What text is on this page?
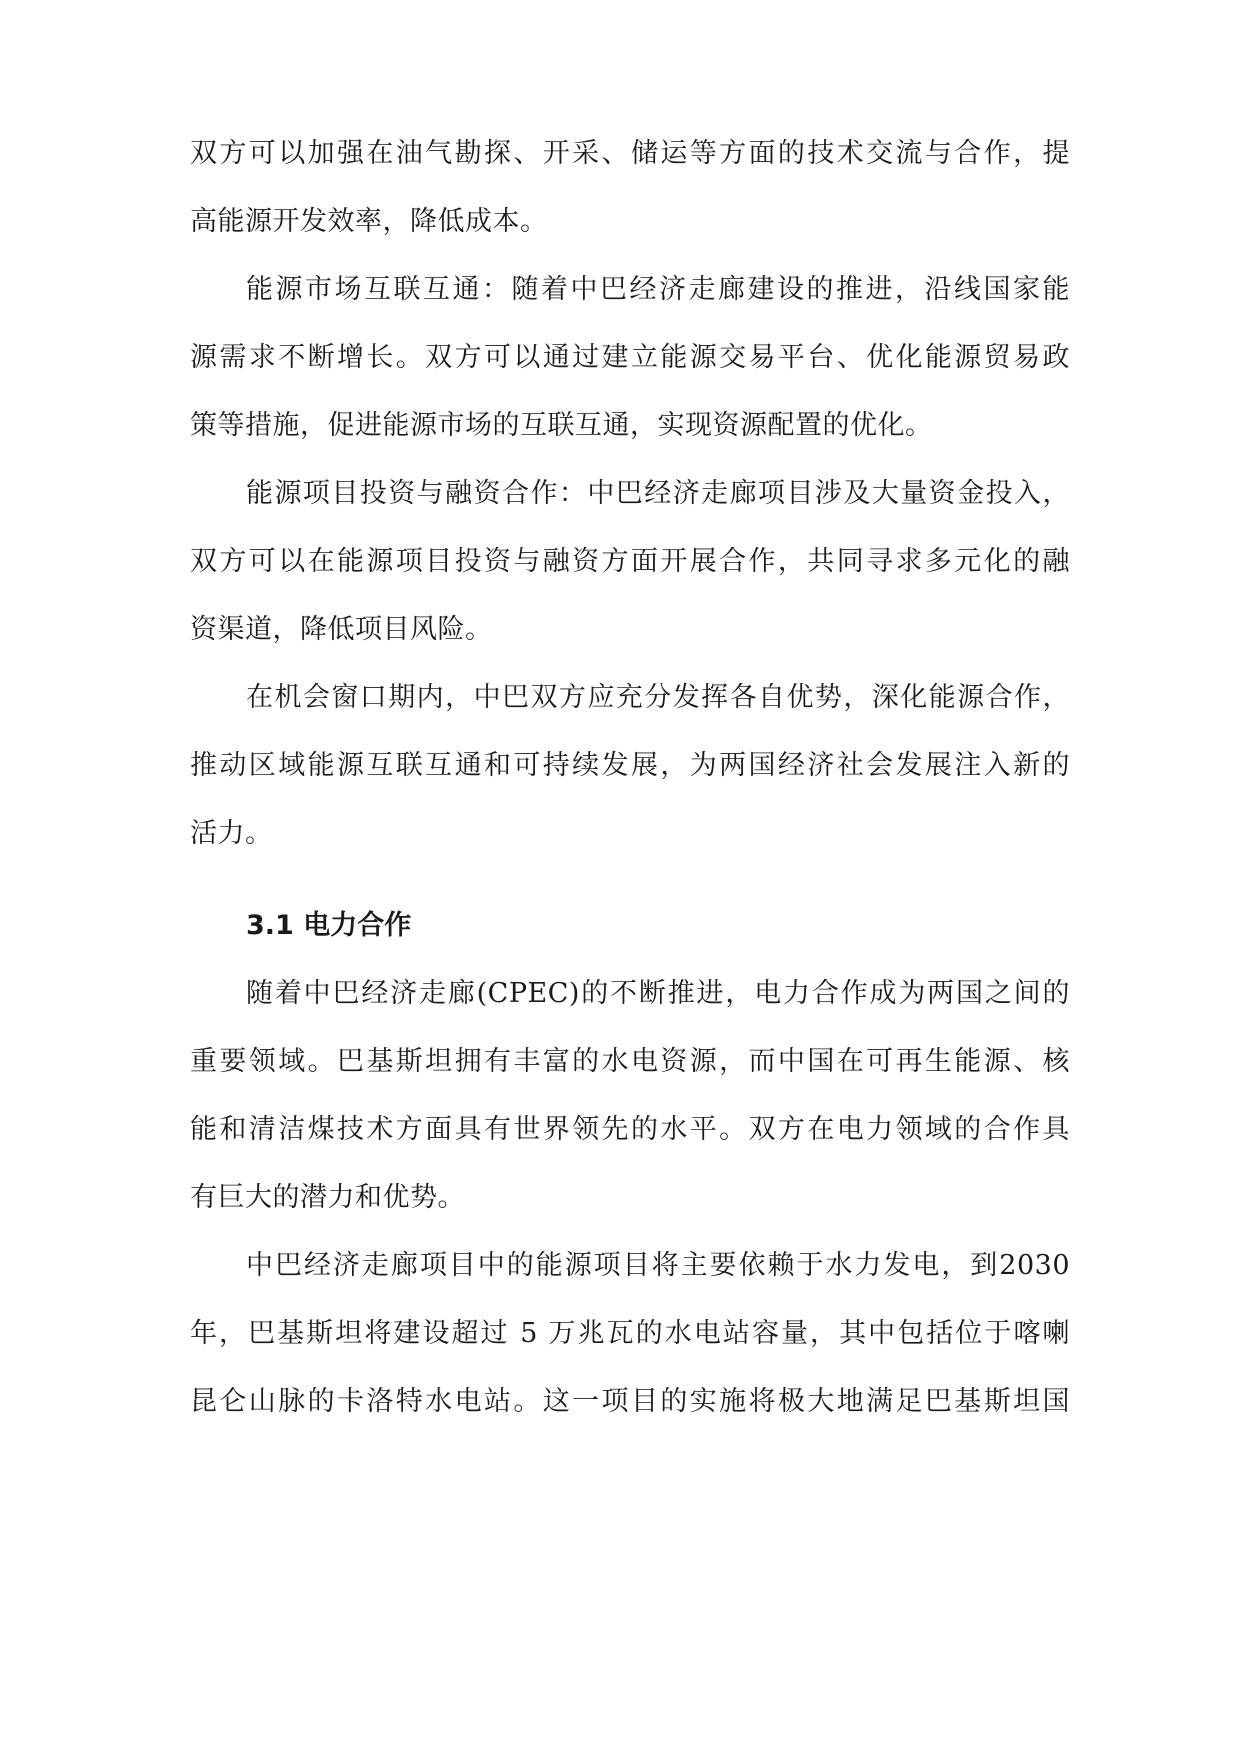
双方可以加强在油气勘探、开采、储运等方面的技术交流与合作，提
高能源开发效率，降低成本。
能源市场互联互通：随着中巴经济走廊建设的推进，沿线国家能
源需求不断增长。双方可以通过建立能源交易平台、优化能源贸易政
策等措施，促进能源市场的互联互通，实现资源配置的优化。
能源项目投资与融资合作：中巴经济走廊项目涉及大量资金投入，
双方可以在能源项目投资与融资方面开展合作，共同寻求多元化的融
资渠道，降低项目风险。
在机会窗口期内，中巴双方应充分发挥各自优势，深化能源合作，
推动区域能源互联互通和可持续发展，为两国经济社会发展注入新的
活力。
3.1 电力合作
随着中巴经济走廊(CPEC)的不断推进，电力合作成为两国之间的
重要领域。巴基斯坦拥有丰富的水电资源，而中国在可再生能源、核
能和清洁煤技术方面具有世界领先的水平。双方在电力领域的合作具
有巨大的潜力和优势。
中巴经济走廊项目中的能源项目将主要依赖于水力发电，到2030
年，巴基斯坦将建设超过 5 万兆瓦的水电站容量，其中包括位于喀喇
昆仑山脉的卡洛特水电站。这一项目的实施将极大地满足巴基斯坦国
